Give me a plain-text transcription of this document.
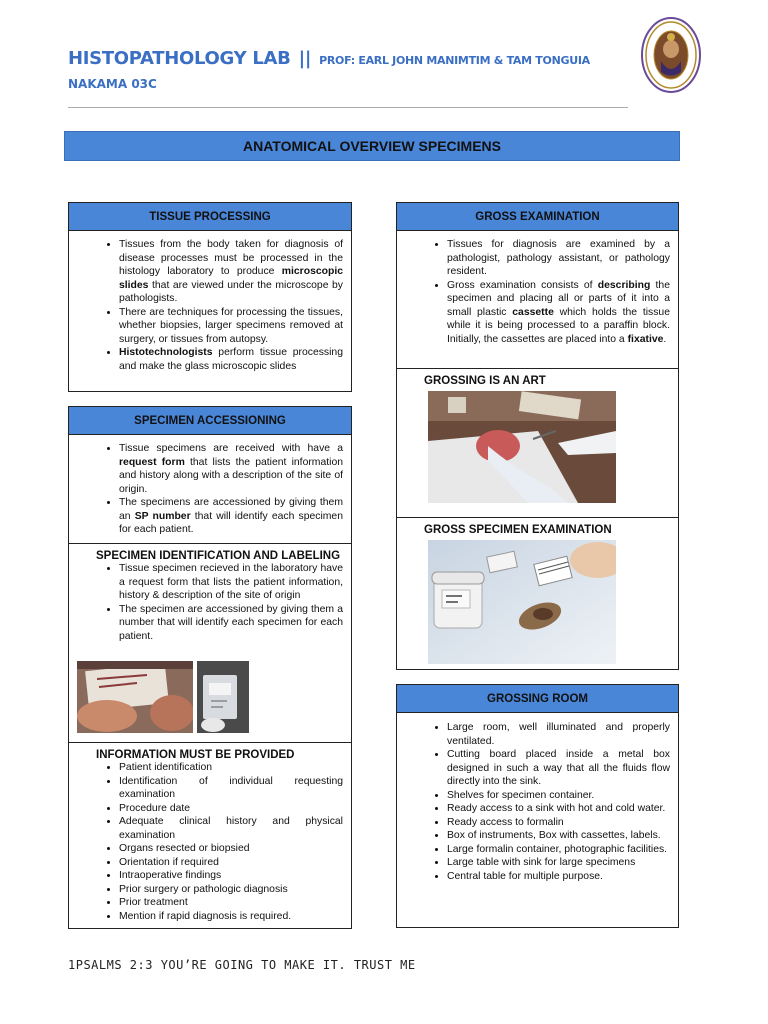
HISTOPATHOLOGY LAB || PROF: EARL JOHN MANIMTIM & TAM TONGUIA
NAKAMA 03C
ANATOMICAL OVERVIEW SPECIMENS
TISSUE PROCESSING
• Tissues from the body taken for diagnosis of disease processes must be processed in the histology laboratory to produce microscopic slides that are viewed under the microscope by pathologists.
• There are techniques for processing the tissues, whether biopsies, larger specimens removed at surgery, or tissues from autopsy.
• Histotechnologists perform tissue processing and make the glass microscopic slides
SPECIMEN ACCESSIONING
• Tissue specimens are received with have a request form that lists the patient information and history along with a description of the site of origin.
• The specimens are accessioned by giving them an SP number that will identify each specimen for each patient.
SPECIMEN IDENTIFICATION AND LABELING
• Tissue specimen recieved in the laboratory have a request form that lists the patient information, history & description of the site of origin
• The specimen are accessioned by giving them a number that will identify each specimen for each patient.
INFORMATION MUST BE PROVIDED
• Patient identification
• Identification of individual requesting examination
• Procedure date
• Adequate clinical history and physical examination
• Organs resected or biopsied
• Orientation if required
• Intraoperative findings
• Prior surgery or pathologic diagnosis
• Prior treatment
• Mention if rapid diagnosis is required.
GROSS EXAMINATION
• Tissues for diagnosis are examined by a pathologist, pathology assistant, or pathology resident.
• Gross examination consists of describing the specimen and placing all or parts of it into a small plastic cassette which holds the tissue while it is being processed to a paraffin block. Initially, the cassettes are placed into a fixative.
GROSSING IS AN ART
GROSS SPECIMEN EXAMINATION
GROSSING ROOM
• Large room, well illuminated and properly ventilated.
• Cutting board placed inside a metal box designed in such a way that all the fluids flow directly into the sink.
• Shelves for specimen container.
• Ready access to a sink with hot and cold water.
• Ready access to formalin
• Box of instruments, Box with cassettes, labels.
• Large formalin container, photographic facilities.
• Large table with sink for large specimens
• Central table for multiple purpose.
1PSALMS 2:3 YOU’RE GOING TO MAKE IT. TRUST ME
